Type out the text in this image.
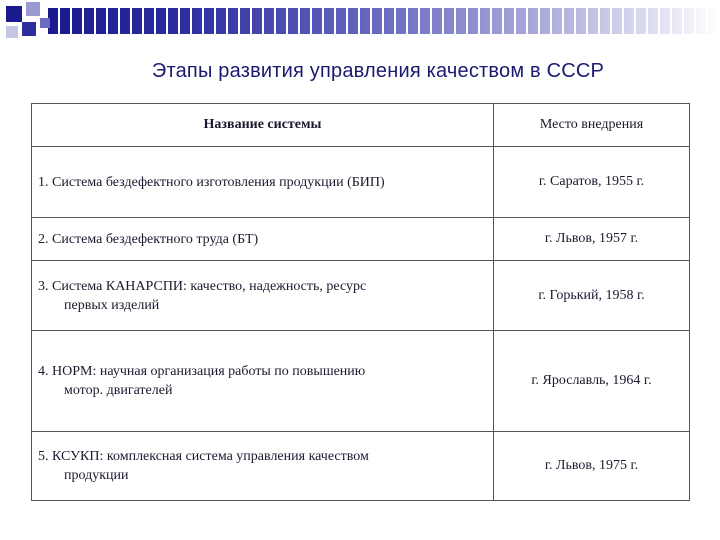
Этапы развития управления качеством в СССР
Название системы	Место внедрения

1. Система бездефектного изготовления продукции (БИП)	г. Саратов, 1955 г.

2. Система бездефектного труда (БТ)	г. Львов, 1957 г.

3. Система КАНАРСПИ: качество, надежность, ресурс
первых изделий	г. Горький, 1958 г.

4. НОРМ: научная организация работы по повышению
мотор. двигателей	г. Ярославль, 1964 г.

5. КСУКП: комплексная система управления качеством
продукции	г. Львов, 1975 г.
